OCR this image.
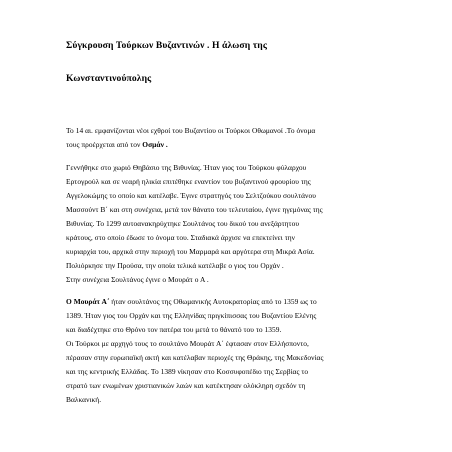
Σύγκρουση Τούρκων Βυζαντινών . Η άλωση της
Κωνσταντινούπολης
Το 14 αι. εμφανίζονται νέοι εχθροί του Βυζαντίου οι Τούρκοι Οθωμανοί .Το όνομα
τους προέρχεται από τον Οσμάν .
Γεννήθηκε στο χωριό Θηβάσιο της Βιθυνίας. Ήταν γιος του Τούρκου φύλαρχου
Ερτογρούλ και σε νεαρή ηλικία επιτέθηκε εναντίον του βυζαντινού φρουρίου της
Αγγελοκώμης το οποίο και κατέλαβε. Έγινε στρατηγός του Σελτζούκου σουλτάνου
Μασσούντ Β΄ και στη συνέχεια, μετά τον θάνατο του τελευταίου, έγινε ηγεμόνας της
Βιθυνίας. Το 1299 αυτοανακηρύχτηκε Σουλτάνος του δικού του ανεξάρτητου
κράτους, στο οποίο έδωσε το όνομα του. Σταδιακά άρχισε να επεκτείνει την
κυριαρχία του, αρχικά στην περιοχή του Μαρμαρά και αργότερα στη Μικρά Ασία.
Πολιόρκησε την Προύσα, την οποία τελικά κατέλαβε ο γιος του Ορχάν .
Στην συνέχεια Σουλτάνος έγινε ο Μουράτ ο Α .
Ο Μουράτ Α΄ ήταν σουλτάνος της Οθωμανικής Αυτοκρατορίας από το 1359 ως το
1389. Ήταν γιος του Ορχάν και της Ελληνίδας πριγκίπισσας του Βυζαντίου Ελένης
και διαδέχτηκε στο Θρόνο τον πατέρα του μετά το θάνατό του το 1359.
Οι Τούρκοι με αρχηγό τους το σουλτάνο Μουράτ Α΄ έφτασαν στον Ελλήσποντο,
πέρασαν στην ευρωπαϊκή ακτή και κατέλαβαν περιοχές της Θράκης, της Μακεδονίας
και της κεντρικής Ελλάδας. Το 1389 νίκησαν στο Κοσσυφοπέδιο της Σερβίας το
στρατό των ενωμένων χριστιανικών λαών και κατέκτησαν ολόκληρη σχεδόν τη
Βαλκανική.
